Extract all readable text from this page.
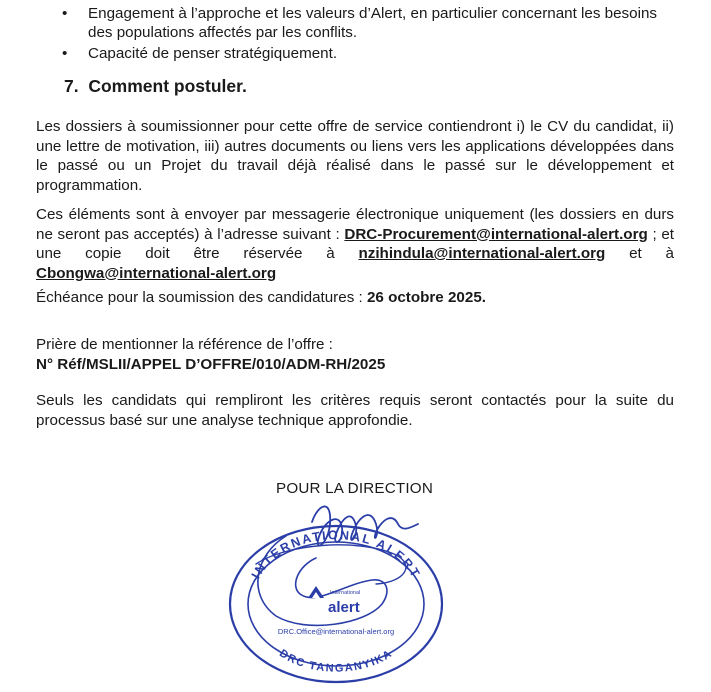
• Engagement à l’approche et les valeurs d’Alert, en particulier concernant les besoins des populations affectés par les conflits.
• Capacité de penser stratégiquement.
7. Comment postuler.

Les dossiers à soumissionner pour cette offre de service contiendront i) le CV du candidat, ii) une lettre de motivation, iii) autres documents ou liens vers les applications développées dans le passé ou un Projet du travail déjà réalisé dans le passé sur le développement et programmation.

Ces éléments sont à envoyer par messagerie électronique uniquement (les dossiers en durs ne seront pas acceptés) à l’adresse suivant : DRC-Procurement@international-alert.org ; et une copie doit être réservée à nzihindula@international-alert.org et à Cbongwa@international-alert.org

Échéance pour la soumission des candidatures : 26 octobre 2025.

Prière de mentionner la référence de l’offre :
N° Réf/MSLII/APPEL D’OFFRE/010/ADM-RH/2025

Seuls les candidats qui rempliront les critères requis seront contactés pour la suite du processus basé sur une analyse technique approfondie.

POUR LA DIRECTION
INTERNATIONAL ALERT
International
alert
DRC.Office@international-alert.org
DRC TANGANYIKA
